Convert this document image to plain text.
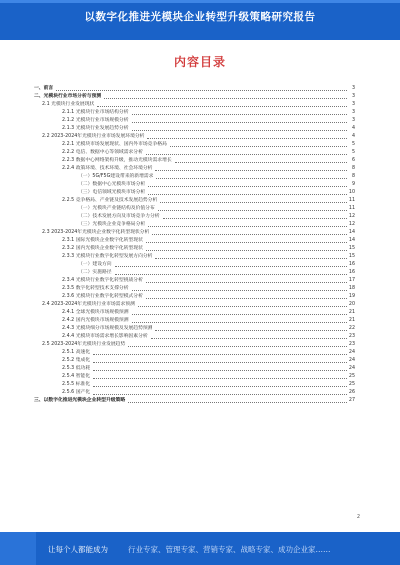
以数字化推进光模块企业转型升级策略研究报告
内容目录
一、前言	3
二、光模块行业市场分析与预测	3
2.1 光模块行业发展现状	3
2.1.1 光模块行业市场结构分析	3
2.1.2 光模块行业市场规模分析	3
2.1.3 光模块行业发展趋势分析	4
2.2 2023-2024年光模块行业市场发展环境分析	4
2.2.1 光模块市场发展现状、国内外市场竞争格局	5
2.2.2 电信、数据中心等领域需求分析	5
2.2.3 数据中心网络架构升级，推动光模块需求增长	6
2.2.4 政策环境、技术环境、社会环境分析	8
（一）5G/F5G建设带来的新增需求	8
（二）数据中心光模块市场分析	9
（三）电信领域光模块市场分析	10
2.2.5 竞争格局、产业链及技术发展趋势分析	11
（一）光模块产业链结构及价值分布	11
（二）技术发展方向及市场竞争力分析	12
（三）光模块企业竞争格局分析	12
2.3 2023-2024年光模块企业数字化转型现状分析	14
2.3.1 国际光模块企业数字化转型现状	14
2.3.2 国内光模块企业数字化转型现状	15
2.3.3 光模块行业数字化转型发展方向分析	15
（一）建设方向	16
（二）实施路径	16
2.3.4 光模块行业数字化转型挑战分析	17
2.3.5 数字化转型技术支撑分析	18
2.3.6 光模块行业数字化转型模式分析	19
2.4 2023-2024年光模块行业市场需求预测	20
2.4.1 全球光模块市场规模预测	21
2.4.2 国内光模块市场规模预测	21
2.4.3 光模块细分市场规模及发展趋势预测	22
2.4.4 光模块市场需求增长影响因素分析	23
2.5 2023-2024年光模块行业发展趋势	23
2.5.1 高速化	24
2.5.2 集成化	24
2.5.3 低功耗	24
2.5.4 智能化	25
2.5.5 标准化	25
2.5.6 国产化	26
三、以数字化推进光模块企业转型升级策略	27
2
让每个人都能成为	行业专家、管理专家、营销专家、战略专家、成功企业家……
